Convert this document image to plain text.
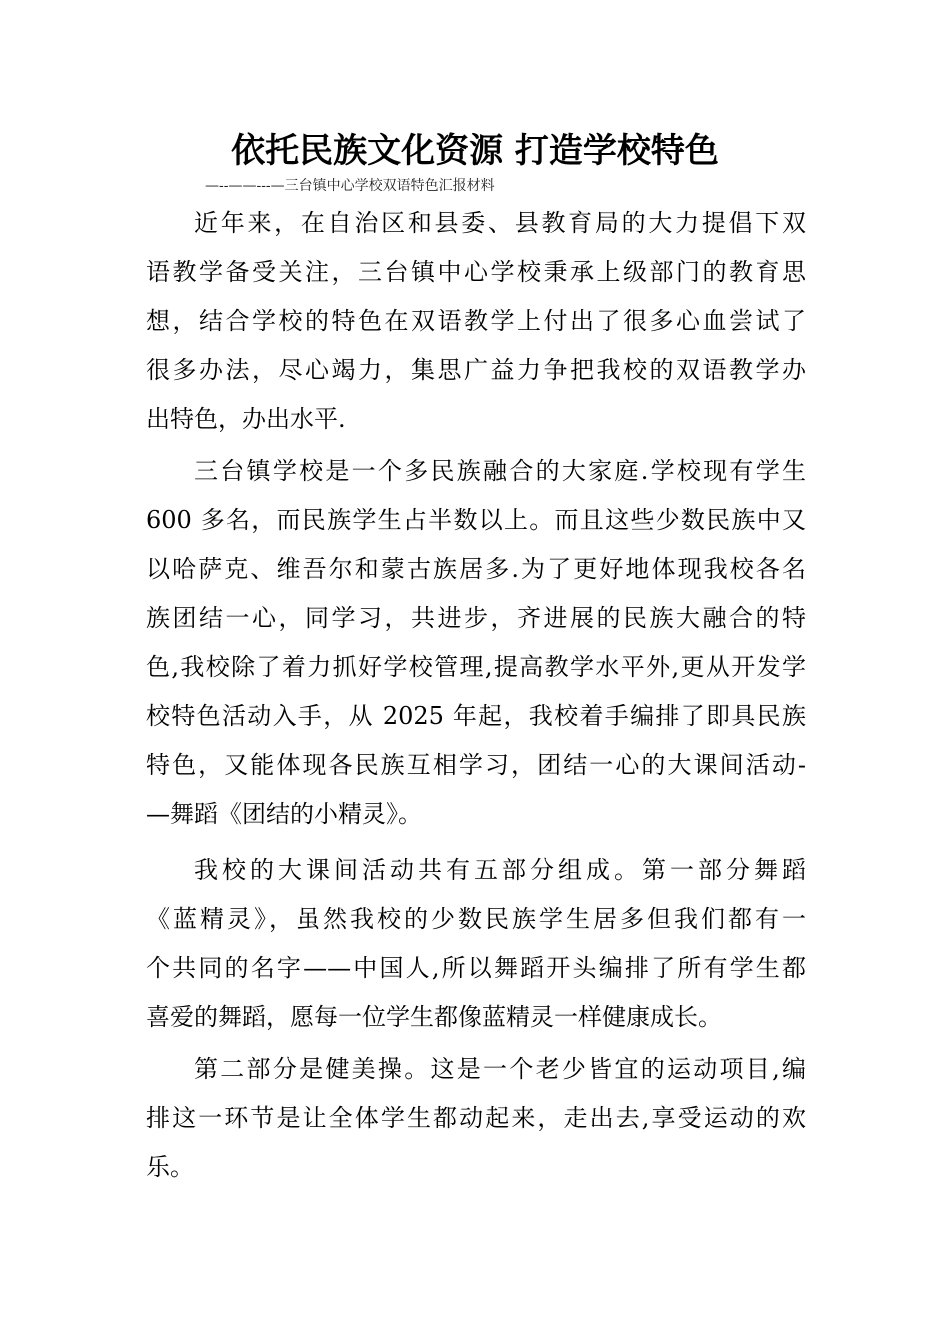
依托民族文化资源 打造学校特色
—--——---—三台镇中心学校双语特色汇报材料
近年来，在自治区和县委、县教育局的大力提倡下双
语教学备受关注，三台镇中心学校秉承上级部门的教育思
想，结合学校的特色在双语教学上付出了很多心血尝试了
很多办法，尽心竭力，集思广益力争把我校的双语教学办
出特色，办出水平.
三台镇学校是一个多民族融合的大家庭.学校现有学生
600 多名，而民族学生占半数以上。而且这些少数民族中又
以哈萨克、维吾尔和蒙古族居多.为了更好地体现我校各名
族团结一心，同学习，共进步，齐进展的民族大融合的特
色,我校除了着力抓好学校管理,提高教学水平外,更从开发学
校特色活动入手，从 2025 年起，我校着手编排了即具民族
特色，又能体现各民族互相学习，团结一心的大课间活动-
—舞蹈《团结的小精灵》。
我校的大课间活动共有五部分组成。第一部分舞蹈
《蓝精灵》，虽然我校的少数民族学生居多但我们都有一
个共同的名字——中国人,所以舞蹈开头编排了所有学生都
喜爱的舞蹈，愿每一位学生都像蓝精灵一样健康成长。
第二部分是健美操。这是一个老少皆宜的运动项目,编
排这一环节是让全体学生都动起来，走出去,享受运动的欢
乐。
